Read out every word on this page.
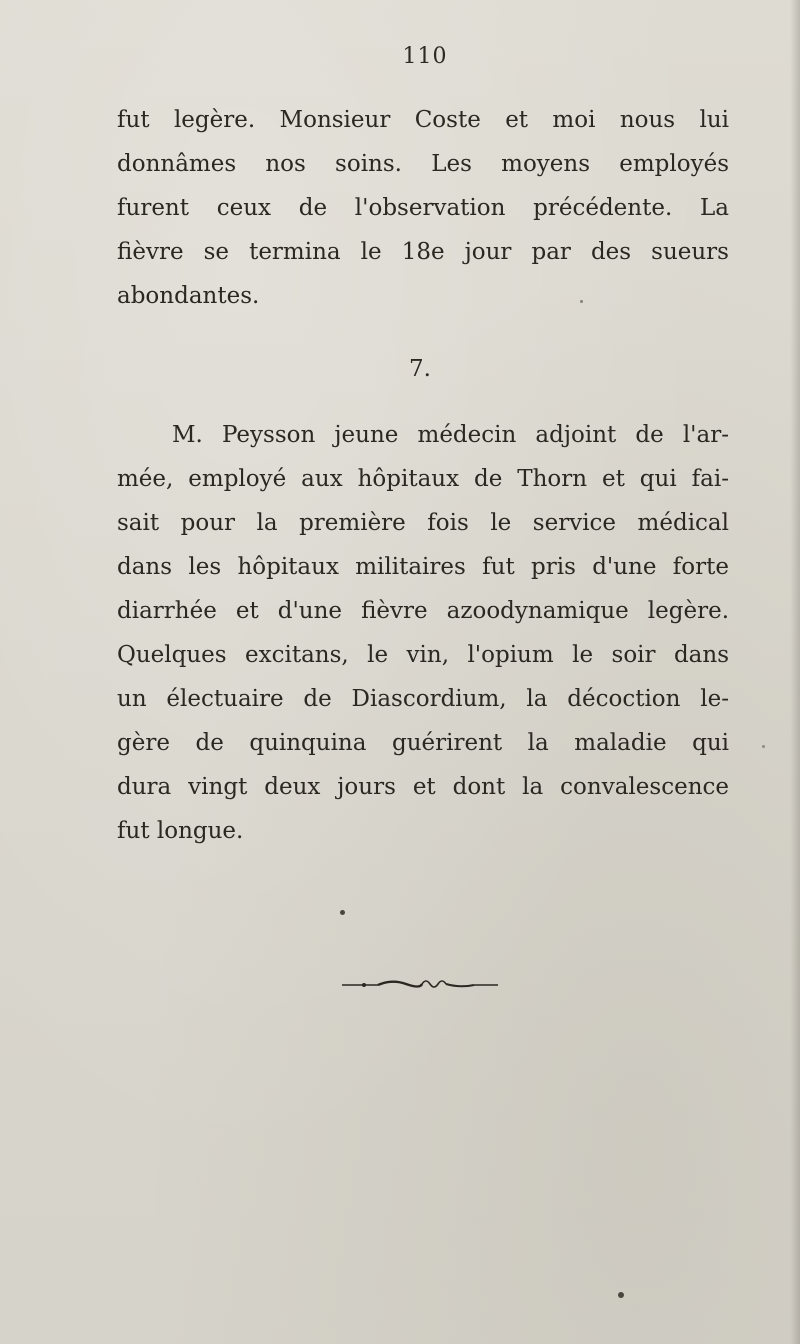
110
fut legère. Monsieur Coste et moi nous lui
donnâmes nos soins. Les moyens employés
furent ceux de l'observation précédente. La
fièvre se termina le 18e jour par des sueurs
abondantes.
7.
M. Peysson jeune médecin adjoint de l'ar-
mée, employé aux hôpitaux de Thorn et qui fai-
sait pour la première fois le service médical
dans les hôpitaux militaires fut pris d'une forte
diarrhée et d'une fièvre azoodynamique legère.
Quelques excitans, le vin, l'opium le soir dans
un électuaire de Diascordium, la décoction le-
gère de quinquina guérirent la maladie qui
dura vingt deux jours et dont la convalescence
fut longue.
